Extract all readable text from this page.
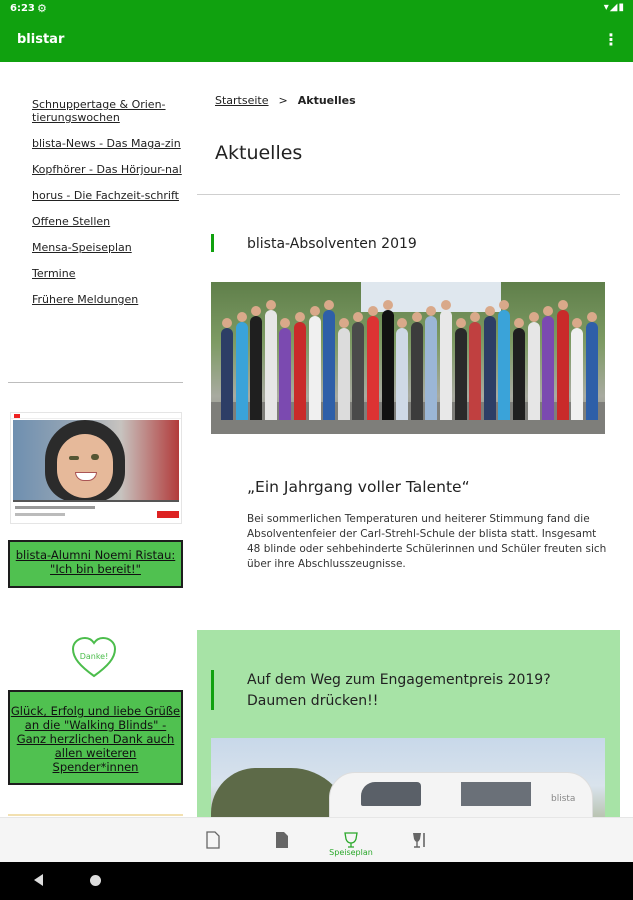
6:23 ⚙	▾◢▮
blistar	⋮
Schnuppertage & Orien-tierungswochen
blista-News - Das Maga-zin
Kopfhörer - Das Hörjour-nal
horus - Die Fachzeit-schrift
Offene Stellen
Mensa-Speiseplan
Termine
Frühere Meldungen
blista-Alumni Noemi Ristau: "Ich bin bereit!"
Danke!
Glück, Erfolg und liebe Grüße an die "Walking Blinds" - Ganz herzlichen Dank auch allen weiteren Spender*innen
Startseite > Aktuelles
Aktuelles
blista-Absolventen 2019
„Ein Jahrgang voller Talente“
Bei sommerlichen Temperaturen und heiterer Stimmung fand die Absolventenfeier der Carl-Strehl-Schule der blista statt. Insgesamt 48 blinde oder sehbehinderte Schülerinnen und Schüler freuten sich über ihre Abschlusszeugnisse.
Auf dem Weg zum Engagementpreis 2019? Daumen drücken!!
blista
Speiseplan
